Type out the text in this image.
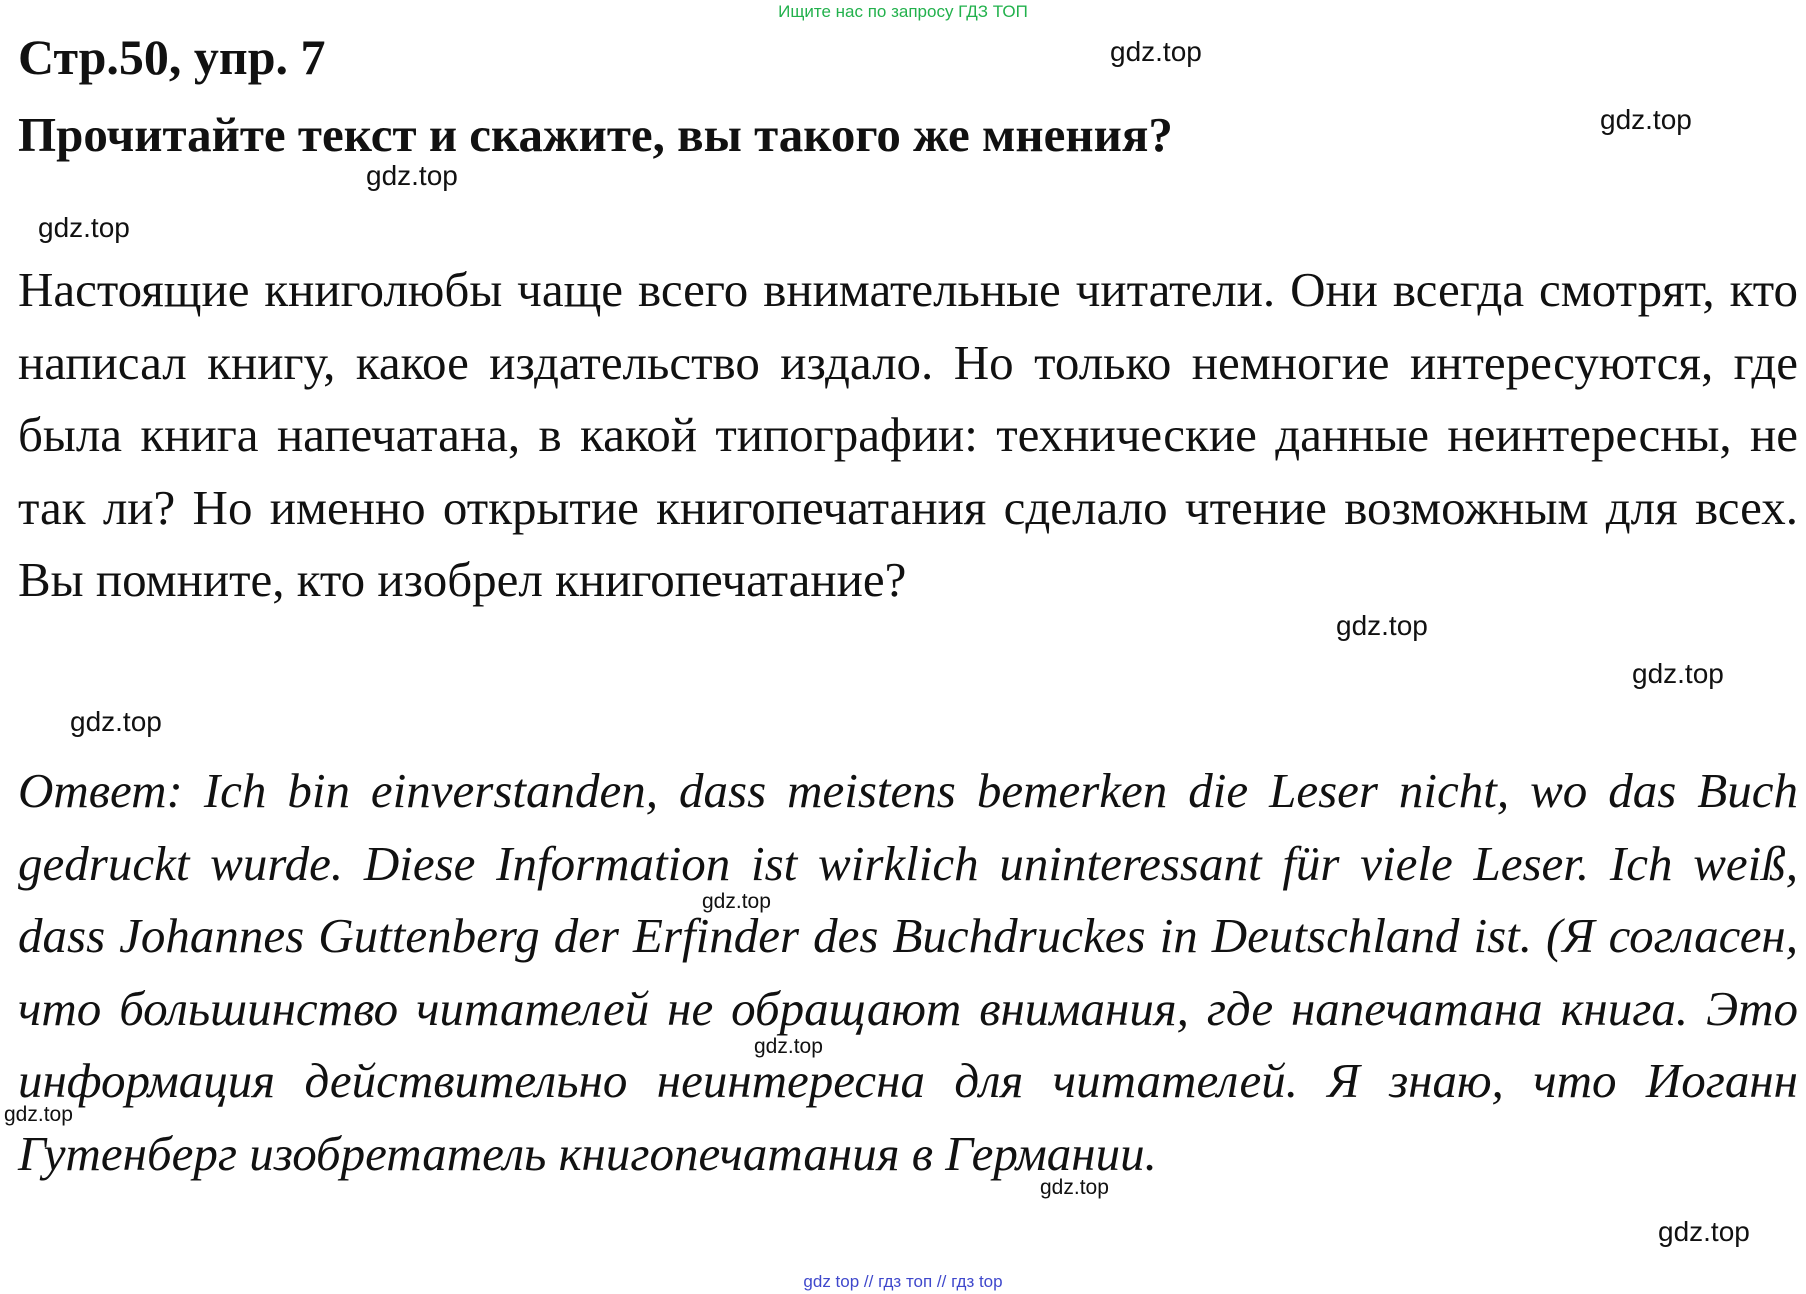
Ищите нас по запросу ГДЗ ТОП
Стр.50, упр. 7
Прочитайте текст и скажите, вы такого же мнения?
Настоящие книголюбы чаще всего внимательные читатели. Они всегда смотрят, кто написал книгу, какое издательство издало. Но только немногие интересуются, где была книга напечатана, в какой типографии: технические данные неинтересны, не так ли? Но именно открытие книгопечатания сделало чтение возможным для всех. Вы помните, кто изобрел книгопечатание?
Ответ: Ich bin einverstanden, dass meistens bemerken die Leser nicht, wo das Buch gedruckt wurde. Diese Information ist wirklich uninteressant für viele Leser. Ich weiß, dass Johannes Guttenberg der Erfinder des Buchdruckes in Deutschland ist. (Я согласен, что большинство читателей не обращают внимания, где напечатана книга. Это информация действительно неинтересна для читателей. Я знаю, что Иоганн Гутенберг изобретатель книгопечатания в Германии.
gdz.top
gdz.top
gdz.top
gdz.top
gdz.top
gdz.top
gdz.top
gdz.top
gdz.top
gdz.top
gdz.top
gdz.top
gdz top // гдз топ // гдз top
